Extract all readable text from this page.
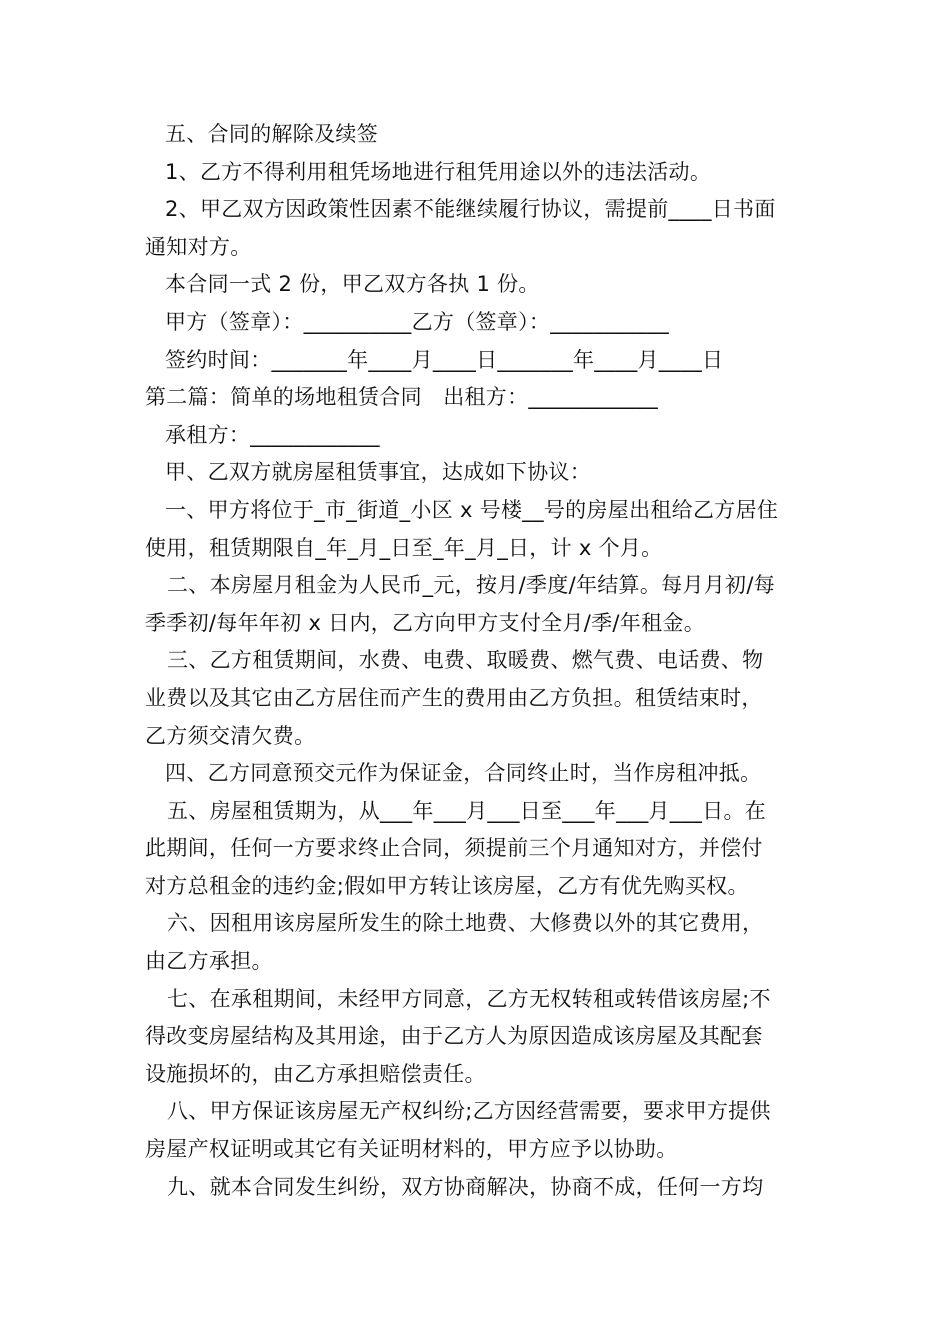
五、合同的解除及续签
1、乙方不得利用租凭场地进行租凭用途以外的违法活动。
2、甲乙双方因政策性因素不能继续履行协议，需提前____日书面
通知对方。
本合同一式 2 份，甲乙双方各执 1 份。
甲方（签章）：__________乙方（签章）：___________
签约时间：_______年____月____日_______年____月____日
第二篇：简单的场地租赁合同　出租方：____________
承租方：____________
甲、乙双方就房屋租赁事宜，达成如下协议：
一、甲方将位于_市_街道_小区 x 号楼__号的房屋出租给乙方居住
使用，租赁期限自_年_月_日至_年_月_日，计 x 个月。
二、本房屋月租金为人民币_元，按月/季度/年结算。每月月初/每
季季初/每年年初 x 日内，乙方向甲方支付全月/季/年租金。
三、乙方租赁期间，水费、电费、取暖费、燃气费、电话费、物
业费以及其它由乙方居住而产生的费用由乙方负担。租赁结束时，
乙方须交清欠费。
四、乙方同意预交元作为保证金，合同终止时，当作房租冲抵。
五、房屋租赁期为，从___年___月___日至___年___月___日。在
此期间，任何一方要求终止合同，须提前三个月通知对方，并偿付
对方总租金的违约金;假如甲方转让该房屋，乙方有优先购买权。
六、因租用该房屋所发生的除土地费、大修费以外的其它费用，
由乙方承担。
七、在承租期间，未经甲方同意，乙方无权转租或转借该房屋;不
得改变房屋结构及其用途，由于乙方人为原因造成该房屋及其配套
设施损坏的，由乙方承担赔偿责任。
八、甲方保证该房屋无产权纠纷;乙方因经营需要，要求甲方提供
房屋产权证明或其它有关证明材料的，甲方应予以协助。
九、就本合同发生纠纷，双方协商解决，协商不成，任何一方均
